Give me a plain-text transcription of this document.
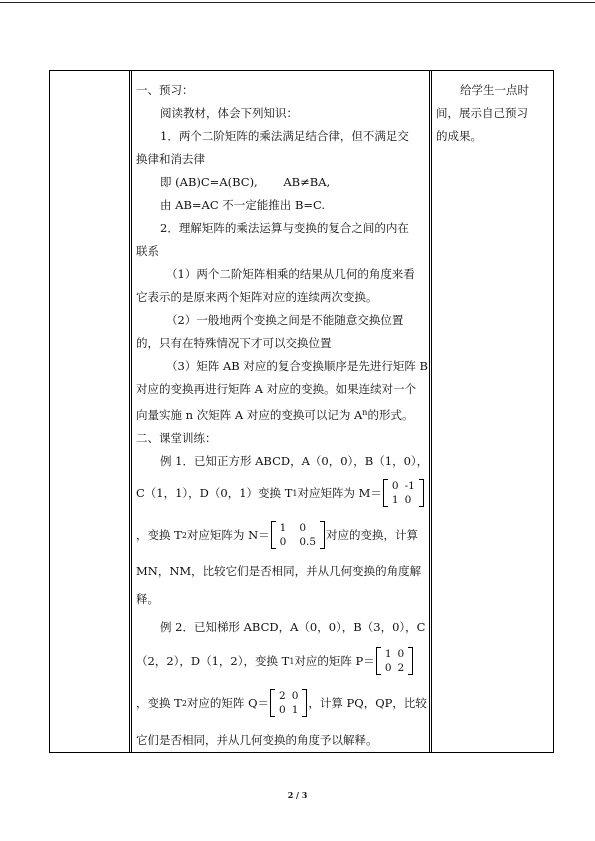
一、预习：

阅读教材，体会下列知识：

1．两个二阶矩阵的乘法满足结合律，但不满足交

换律和消去律

即 (AB)C=A(BC), AB≠BA,

由 AB=AC 不一定能推出 B=C.

2．理解矩阵的乘法运算与变换的复合之间的内在

联系

（1）两个二阶矩阵相乘的结果从几何的角度来看

它表示的是原来两个矩阵对应的连续两次变换。

（2）一般地两个变换之间是不能随意交换位置

的，只有在特殊情况下才可以交换位置

（3）矩阵 AB 对应的复合变换顺序是先进行矩阵 B

对应的变换再进行矩阵 A 对应的变换。如果连续对一个

向量实施 n 次矩阵 A 对应的变换可以记为 $A^n$的形式。

二、课堂训练：

例 1．已知正方形 ABCD，A（0，0），B（1，0），

C（1，1），D（0，1）变换 T 1 对应矩阵为 M＝ 0	-1
1	0
，变换 T 2 对应矩阵为 N＝ 1	0
0	0.5
对应的变换，计算

MN，NM，比较它们是否相同，并从几何变换的角度解

释。

例 2．已知梯形 ABCD，A（0，0），B（3，0），C

（2，2），D（1，2），变换 T 1 对应的矩阵 P＝ 1	0
0	2
，变换 T 2 对应的矩阵 Q＝ 2	0
0	1
，计算 PQ，QP，比较

它们是否相同，并从几何变换的角度予以解释。

给学生一点时

间，展示自己预习

的成果。

2 / 3
